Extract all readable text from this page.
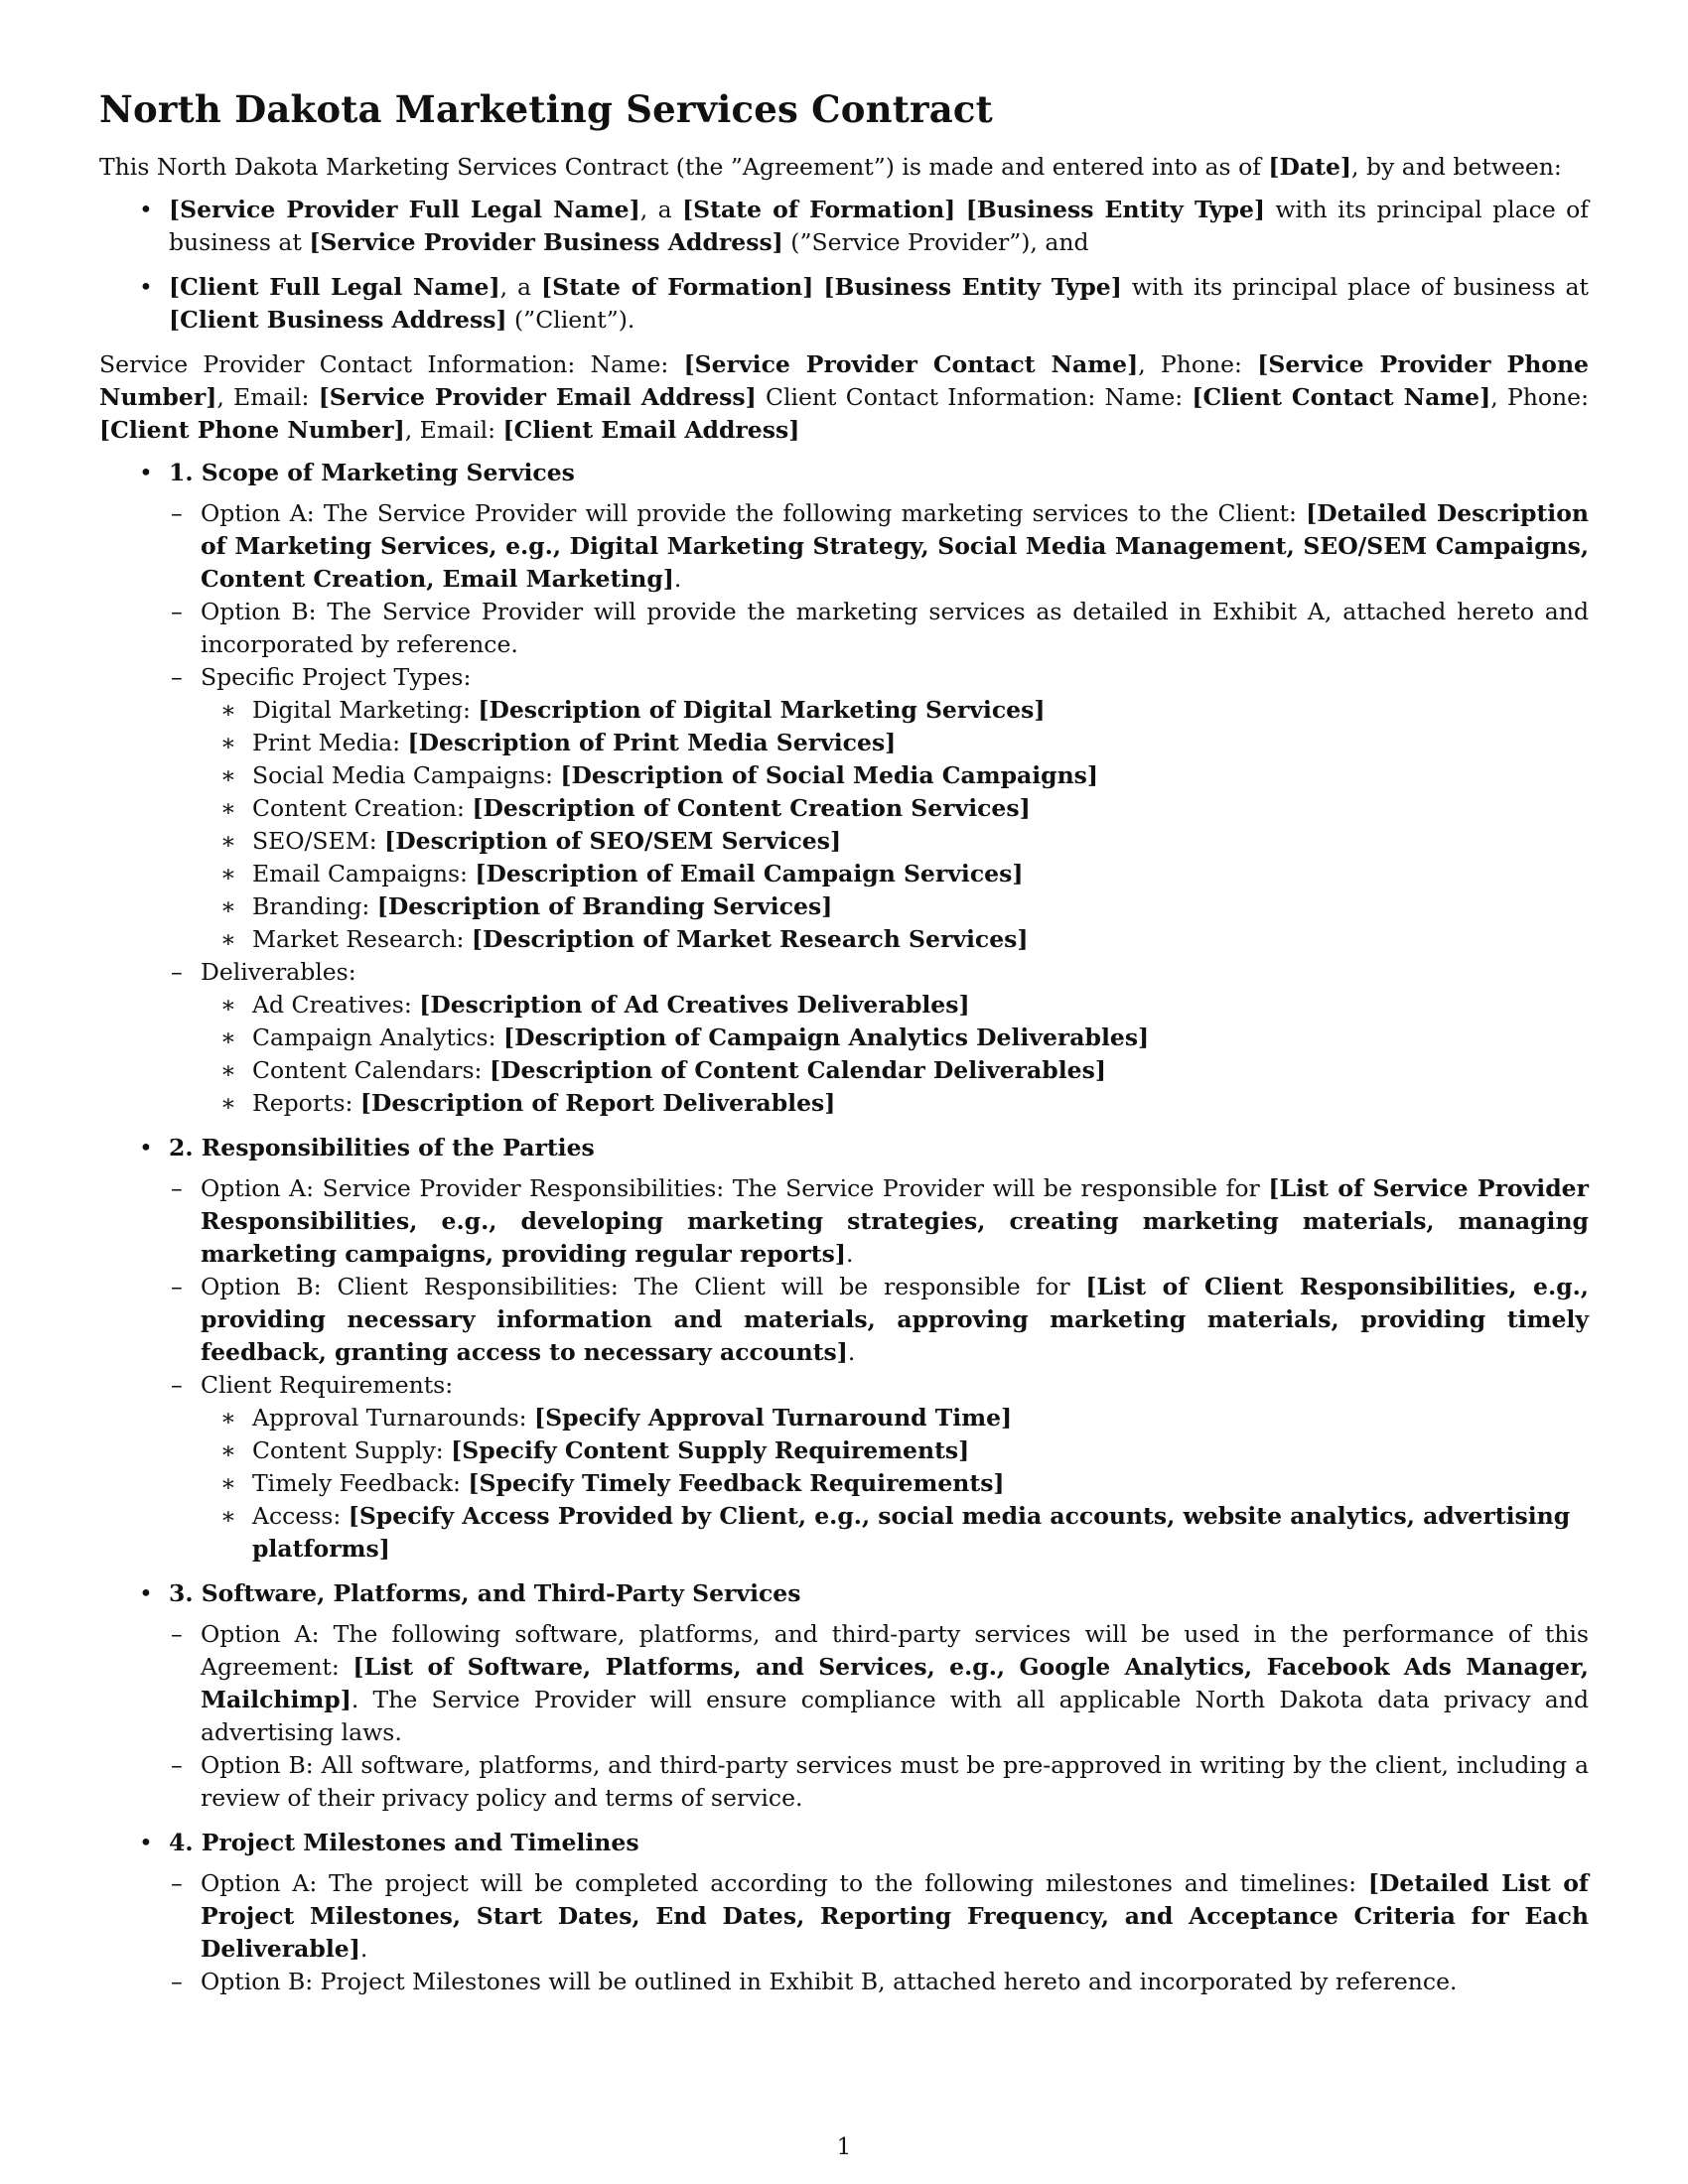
North Dakota Marketing Services Contract

This North Dakota Marketing Services Contract (the ”Agreement”) is made and entered into as of [Date], by and between:

• [Service Provider Full Legal Name], a [State of Formation] [Business Entity Type] with its principal place of business at [Service Provider Business Address] (”Service Provider”), and
• [Client Full Legal Name], a [State of Formation] [Business Entity Type] with its principal place of business at [Client Business Address] (”Client”).

Service Provider Contact Information: Name: [Service Provider Contact Name], Phone: [Service Provider Phone Number], Email: [Service Provider Email Address] Client Contact Information: Name: [Client Contact Name], Phone: [Client Phone Number], Email: [Client Email Address]

• 1. Scope of Marketing Services
– Option A: The Service Provider will provide the following marketing services to the Client: [Detailed Description of Marketing Services, e.g., Digital Marketing Strategy, Social Media Management, SEO/SEM Campaigns, Content Creation, Email Marketing].
– Option B: The Service Provider will provide the marketing services as detailed in Exhibit A, attached hereto and incorporated by reference.
– Specific Project Types:
∗ Digital Marketing: [Description of Digital Marketing Services]
∗ Print Media: [Description of Print Media Services]
∗ Social Media Campaigns: [Description of Social Media Campaigns]
∗ Content Creation: [Description of Content Creation Services]
∗ SEO/SEM: [Description of SEO/SEM Services]
∗ Email Campaigns: [Description of Email Campaign Services]
∗ Branding: [Description of Branding Services]
∗ Market Research: [Description of Market Research Services]
– Deliverables:
∗ Ad Creatives: [Description of Ad Creatives Deliverables]
∗ Campaign Analytics: [Description of Campaign Analytics Deliverables]
∗ Content Calendars: [Description of Content Calendar Deliverables]
∗ Reports: [Description of Report Deliverables]
• 2. Responsibilities of the Parties
– Option A: Service Provider Responsibilities: The Service Provider will be responsible for [List of Service Provider Responsibilities, e.g., developing marketing strategies, creating marketing materials, managing marketing campaigns, providing regular reports].
– Option B: Client Responsibilities: The Client will be responsible for [List of Client Responsibilities, e.g., providing necessary information and materials, approving marketing materials, providing timely feedback, granting access to necessary accounts].
– Client Requirements:
∗ Approval Turnarounds: [Specify Approval Turnaround Time]
∗ Content Supply: [Specify Content Supply Requirements]
∗ Timely Feedback: [Specify Timely Feedback Requirements]
∗ Access: [Specify Access Provided by Client, e.g., social media accounts, website analytics, advertising platforms]
• 3. Software, Platforms, and Third-Party Services
– Option A: The following software, platforms, and third-party services will be used in the performance of this Agreement: [List of Software, Platforms, and Services, e.g., Google Analytics, Facebook Ads Manager, Mailchimp]. The Service Provider will ensure compliance with all applicable North Dakota data privacy and advertising laws.
– Option B: All software, platforms, and third-party services must be pre-approved in writing by the client, including a review of their privacy policy and terms of service.
• 4. Project Milestones and Timelines
– Option A: The project will be completed according to the following milestones and timelines: [Detailed List of Project Milestones, Start Dates, End Dates, Reporting Frequency, and Acceptance Criteria for Each Deliverable].
– Option B: Project Milestones will be outlined in Exhibit B, attached hereto and incorporated by reference.
1
